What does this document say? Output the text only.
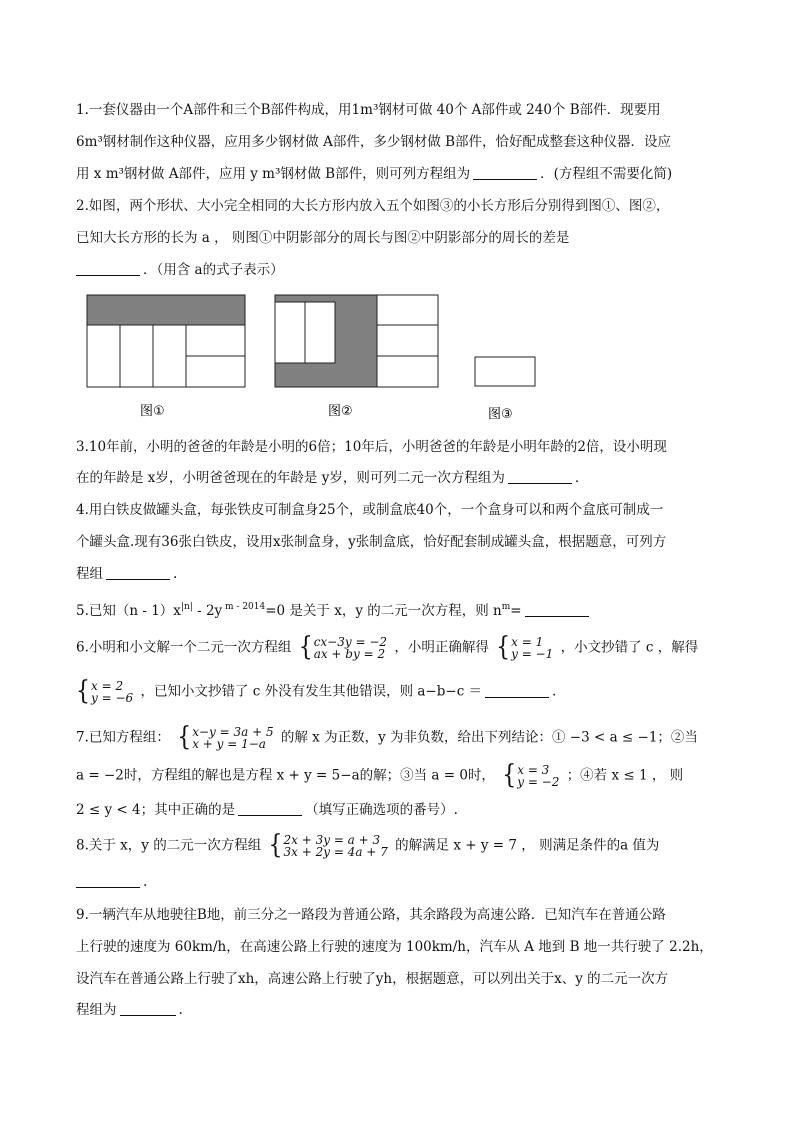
1.一套仪器由一个A部件和三个B部件构成，用1m³钢材可做 40个 A部件或 240个 B部件．现要用
6m³钢材制作这种仪器，应用多少钢材做 A部件，多少钢材做 B部件，恰好配成整套这种仪器．设应
用 x m³钢材做 A部件，应用 y m³钢材做 B部件，则可列方程组为	．(方程组不需要化简)
2.如图，两个形状、大小完全相同的大长方形内放入五个如图③的小长方形后分别得到图①、图②，
已知大长方形的长为 a ， 则图①中阴影部分的周长与图②中阴影部分的周长的差是
．（用含 a的式子表示）
图①	图②	图③
3.10年前，小明的爸爸的年龄是小明的6倍；10年后，小明爸爸的年龄是小明年龄的2倍，设小明现
在的年龄是 x岁，小明爸爸现在的年龄是 y岁，则可列二元一次方程组为	．
4.用白铁皮做罐头盒，每张铁皮可制盒身25个，或制盒底40个，一个盒身可以和两个盒底可制成一
个罐头盒.现有36张白铁皮，设用x张制盒身，y张制盒底，恰好配套制成罐头盒，根据题意，可列方
程组	.
5.已知$(n - 1)x^{|n|} - 2y$ $^{m - 2014}$=0 是关于 x，y 的二元一次方程，则 $n^m=$
6.小明和小文解一个二元一次方程组 { cx−3y = −2
ax + by = 2 ，小明正确解得 { x = 1
y = −1 ，小文抄错了 c ，解得
{ x = 2
y = −6 ，已知小文抄错了 c 外没有发生其他错误，则 a−b−c ＝	.
7.已知方程组： { x−y = 3a + 5
x + y = 1−a	的解 x 为正数，y 为非负数，给出下列结论：① −3 < a ≤ −1；②当
a = −2时，方程组的解也是方程 x + y = 5−a的解；③当 a = 0时， { x = 3
y = −2 ；④若 x ≤ 1 ， 则
2 ≤ y < 4；其中正确的是	（填写正确选项的番号）.
8.关于 x，y 的二元一次方程组 { 2x + 3y = a + 3
3x + 2y = 4a + 7 的解满足 x + y = 7 ， 则满足条件的a 值为
.
9.一辆汽车从地驶往B地，前三分之一路段为普通公路，其余路段为高速公路．已知汽车在普通公路
上行驶的速度为 60km/h，在高速公路上行驶的速度为 100km/h，汽车从 A 地到 B 地一共行驶了 2.2h，
设汽车在普通公路上行驶了xh，高速公路上行驶了yh，根据题意，可以列出关于x、y 的二元一次方
程组为	.
